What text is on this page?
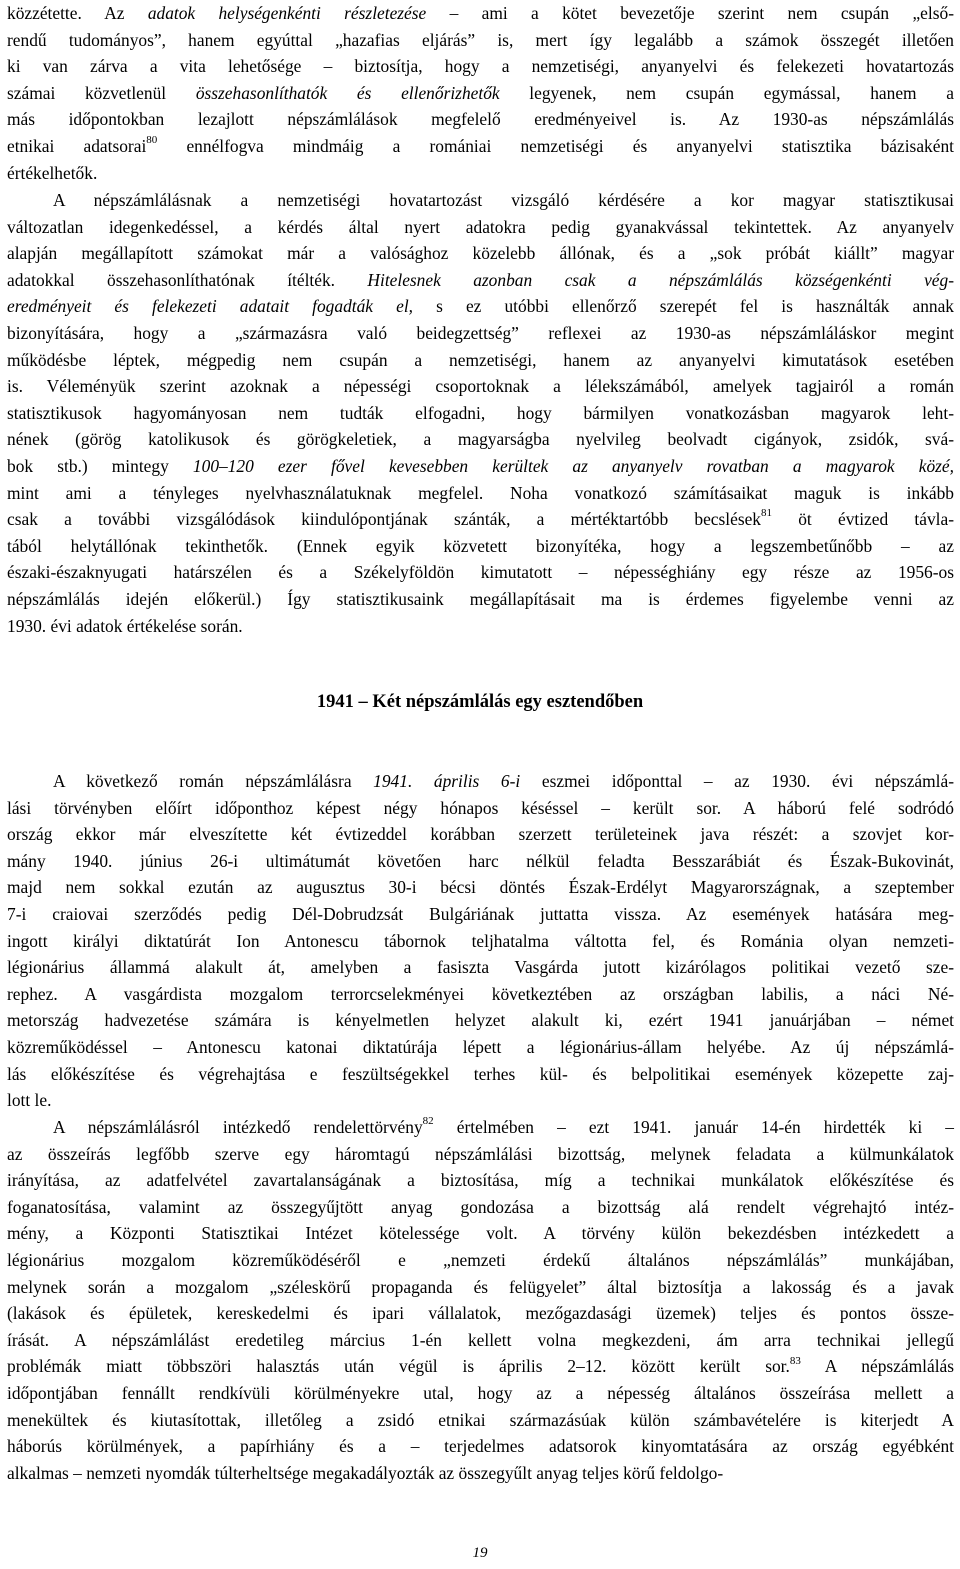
közzétette. Az adatok helységenkénti részletezése – ami a kötet bevezetője szerint nem csupán „első-
rendű tudományos”, hanem egyúttal „hazafias eljárás” is, mert így legalább a számok összegét illetően
ki van zárva a vita lehetősége – biztosítja, hogy a nemzetiségi, anyanyelvi és felekezeti hovatartozás
számai közvetlenül összehasonlíthatók és ellenőrizhetők legyenek, nem csupán egymással, hanem a
más időpontokban lezajlott népszámlálások megfelelő eredményeivel is. Az 1930-as népszámlálás
etnikai adatsorai$^{80}$ ennélfogva mindmáig a romániai nemzetiségi és anyanyelvi statisztika bázisaként
értékelhetők.
A népszámlálásnak a nemzetiségi hovatartozást vizsgáló kérdésére a kor magyar statisztikusai
változatlan idegenkedéssel, a kérdés által nyert adatokra pedig gyanakvással tekintettek. Az anyanyelv
alapján megállapított számokat már a valósághoz közelebb állónak, és a „sok próbát kiállt” magyar
adatokkal összehasonlíthatónak ítélték. Hitelesnek azonban csak a népszámlálás községenkénti vég-
eredményeit és felekezeti adatait fogadták el, s ez utóbbi ellenőrző szerepét fel is használták annak
bizonyítására, hogy a „származásra való beidegzettség” reflexei az 1930-as népszámláláskor megint
működésbe léptek, mégpedig nem csupán a nemzetiségi, hanem az anyanyelvi kimutatások esetében
is. Véleményük szerint azoknak a népességi csoportoknak a lélekszámából, amelyek tagjairól a román
statisztikusok hagyományosan nem tudták elfogadni, hogy bármilyen vonatkozásban magyarok leht-
nének (görög katolikusok és görögkeletiek, a magyarságba nyelvileg beolvadt cigányok, zsidók, svá-
bok stb.) mintegy 100–120 ezer fővel kevesebben kerültek az anyanyelv rovatban a magyarok közé,
mint ami a tényleges nyelvhasználatuknak megfelel. Noha vonatkozó számításaikat maguk is inkább
csak a további vizsgálódások kiindulópontjának szánták, a mértéktartóbb becslések$^{81}$ öt évtized távla-
tából helytállónak tekinthetők. (Ennek egyik közvetett bizonyítéka, hogy a legszembetűnőbb – az
északi-északnyugati határszélen és a Székelyföldön kimutatott – népességhiány egy része az 1956-os
népszámlálás idején előkerül.) Így statisztikusaink megállapításait ma is érdemes figyelembe venni az
1930. évi adatok értékelése során.
1941 – Két népszámlálás egy esztendőben
A következő román népszámlálásra 1941. április 6-i eszmei időponttal – az 1930. évi népszámlá-
lási törvényben előírt időponthoz képest négy hónapos késéssel – került sor. A háború felé sodródó
ország ekkor már elveszítette két évtizeddel korábban szerzett területeinek java részét: a szovjet kor-
mány 1940. június 26-i ultimátumát követően harc nélkül feladta Besszarábiát és Észak-Bukovinát,
majd nem sokkal ezután az augusztus 30-i bécsi döntés Észak-Erdélyt Magyarországnak, a szeptember
7-i craiovai szerződés pedig Dél-Dobrudzsát Bulgáriának juttatta vissza. Az események hatására meg-
ingott királyi diktatúrát Ion Antonescu tábornok teljhatalma váltotta fel, és Románia olyan nemzeti-
légionárius állammá alakult át, amelyben a fasiszta Vasgárda jutott kizárólagos politikai vezető sze-
rephez. A vasgárdista mozgalom terrorcselekményei következtében az országban labilis, a náci Né-
metország hadvezetése számára is kényelmetlen helyzet alakult ki, ezért 1941 januárjában – német
közreműködéssel – Antonescu katonai diktatúrája lépett a légionárius-állam helyébe. Az új népszámlá-
lás előkészítése és végrehajtása e feszültségekkel terhes kül- és belpolitikai események közepette zaj-
lott le.
A népszámlálásról intézkedő rendelettörvény$^{82}$ értelmében – ezt 1941. január 14-én hirdették ki –
az összeírás legfőbb szerve egy háromtagú népszámlálási bizottság, melynek feladata a külmunkálatok
irányítása, az adatfelvétel zavartalanságának a biztosítása, míg a technikai munkálatok előkészítése és
foganatosítása, valamint az összegyűjtött anyag gondozása a bizottság alá rendelt végrehajtó intéz-
mény, a Központi Statisztikai Intézet kötelessége volt. A törvény külön bekezdésben intézkedett a
légionárius mozgalom közreműködéséről e „nemzeti érdekű általános népszámlálás” munkájában,
melynek során a mozgalom „széleskörű propaganda és felügyelet” által biztosítja a lakosság és a javak
(lakások és épületek, kereskedelmi és ipari vállalatok, mezőgazdasági üzemek) teljes és pontos össze-
írását. A népszámlálást eredetileg március 1-én kellett volna megkezdeni, ám arra technikai jellegű
problémák miatt többszöri halasztás után végül is április 2–12. között került sor.$^{83}$ A népszámlálás
időpontjában fennállt rendkívüli körülményekre utal, hogy az a népesség általános összeírása mellett a
menekültek és kiutasítottak, illetőleg a zsidó etnikai származásúak külön számbavételére is kiterjedt A
háborús körülmények, a papírhiány és a – terjedelmes adatsorok kinyomtatására az ország egyébként
alkalmas – nemzeti nyomdák túlterheltsége megakadályozták az összegyűlt anyag teljes körű feldolgo-
19
